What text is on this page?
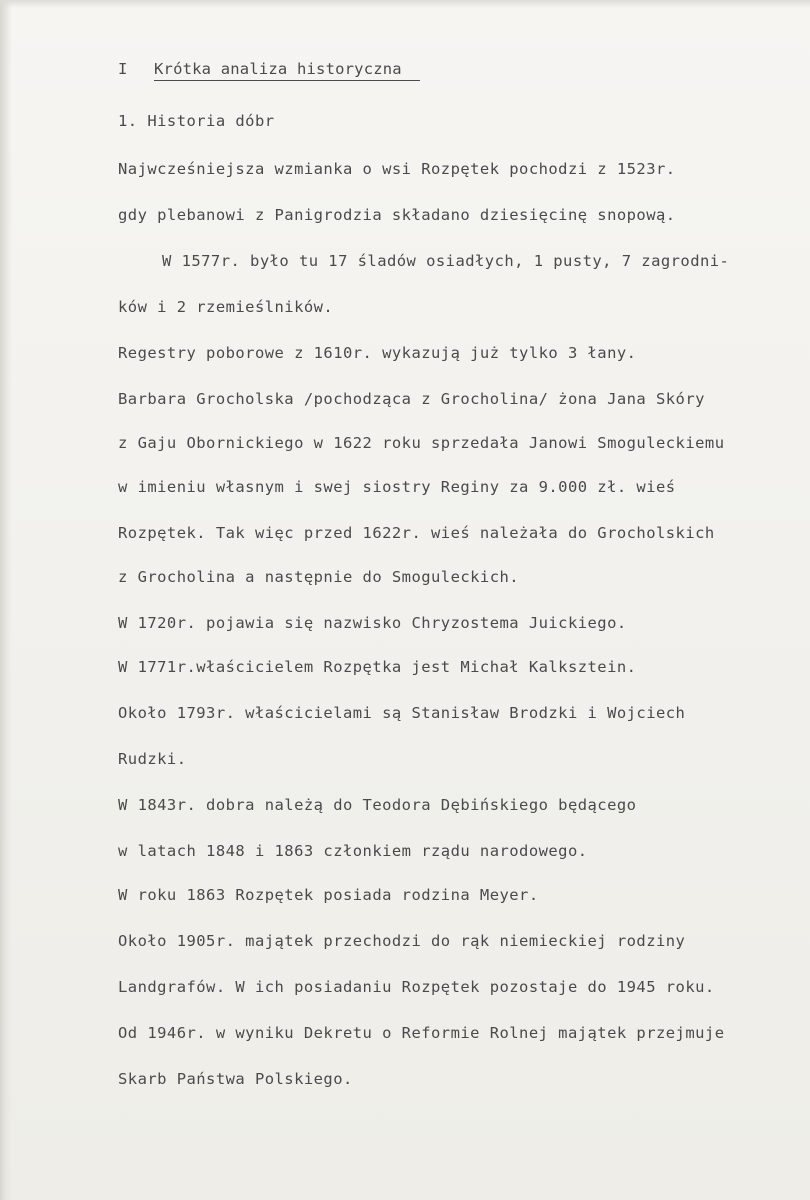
I Krótka analiza historyczna
1. Historia dóbr
Najwcześniejsza wzmianka o wsi Rozpętek pochodzi z 1523r.
gdy plebanowi z Panigrodzia składano dziesięcinę snopową.
W 1577r. było tu 17 śladów osiadłych, 1 pusty, 7 zagrodni-
ków i 2 rzemieślników.
Regestry poborowe z 1610r. wykazują już tylko 3 łany.
Barbara Grocholska /pochodząca z Grocholina/ żona Jana Skóry
z Gaju Obornickiego w 1622 roku sprzedała Janowi Smoguleckiemu
w imieniu własnym i swej siostry Reginy za 9.000 zł. wieś
Rozpętek. Tak więc przed 1622r. wieś należała do Grocholskich
z Grocholina a następnie do Smoguleckich.
W 1720r. pojawia się nazwisko Chryzostema Juickiego.
W 1771r.właścicielem Rozpętka jest Michał Kalksztein.
Około 1793r. właścicielami są Stanisław Brodzki i Wojciech
Rudzki.
W 1843r. dobra należą do Teodora Dębińskiego będącego
w latach 1848 i 1863 członkiem rządu narodowego.
W roku 1863 Rozpętek posiada rodzina Meyer.
Około 1905r. majątek przechodzi do rąk niemieckiej rodziny
Landgrafów. W ich posiadaniu Rozpętek pozostaje do 1945 roku.
Od 1946r. w wyniku Dekretu o Reformie Rolnej majątek przejmuje
Skarb Państwa Polskiego.
